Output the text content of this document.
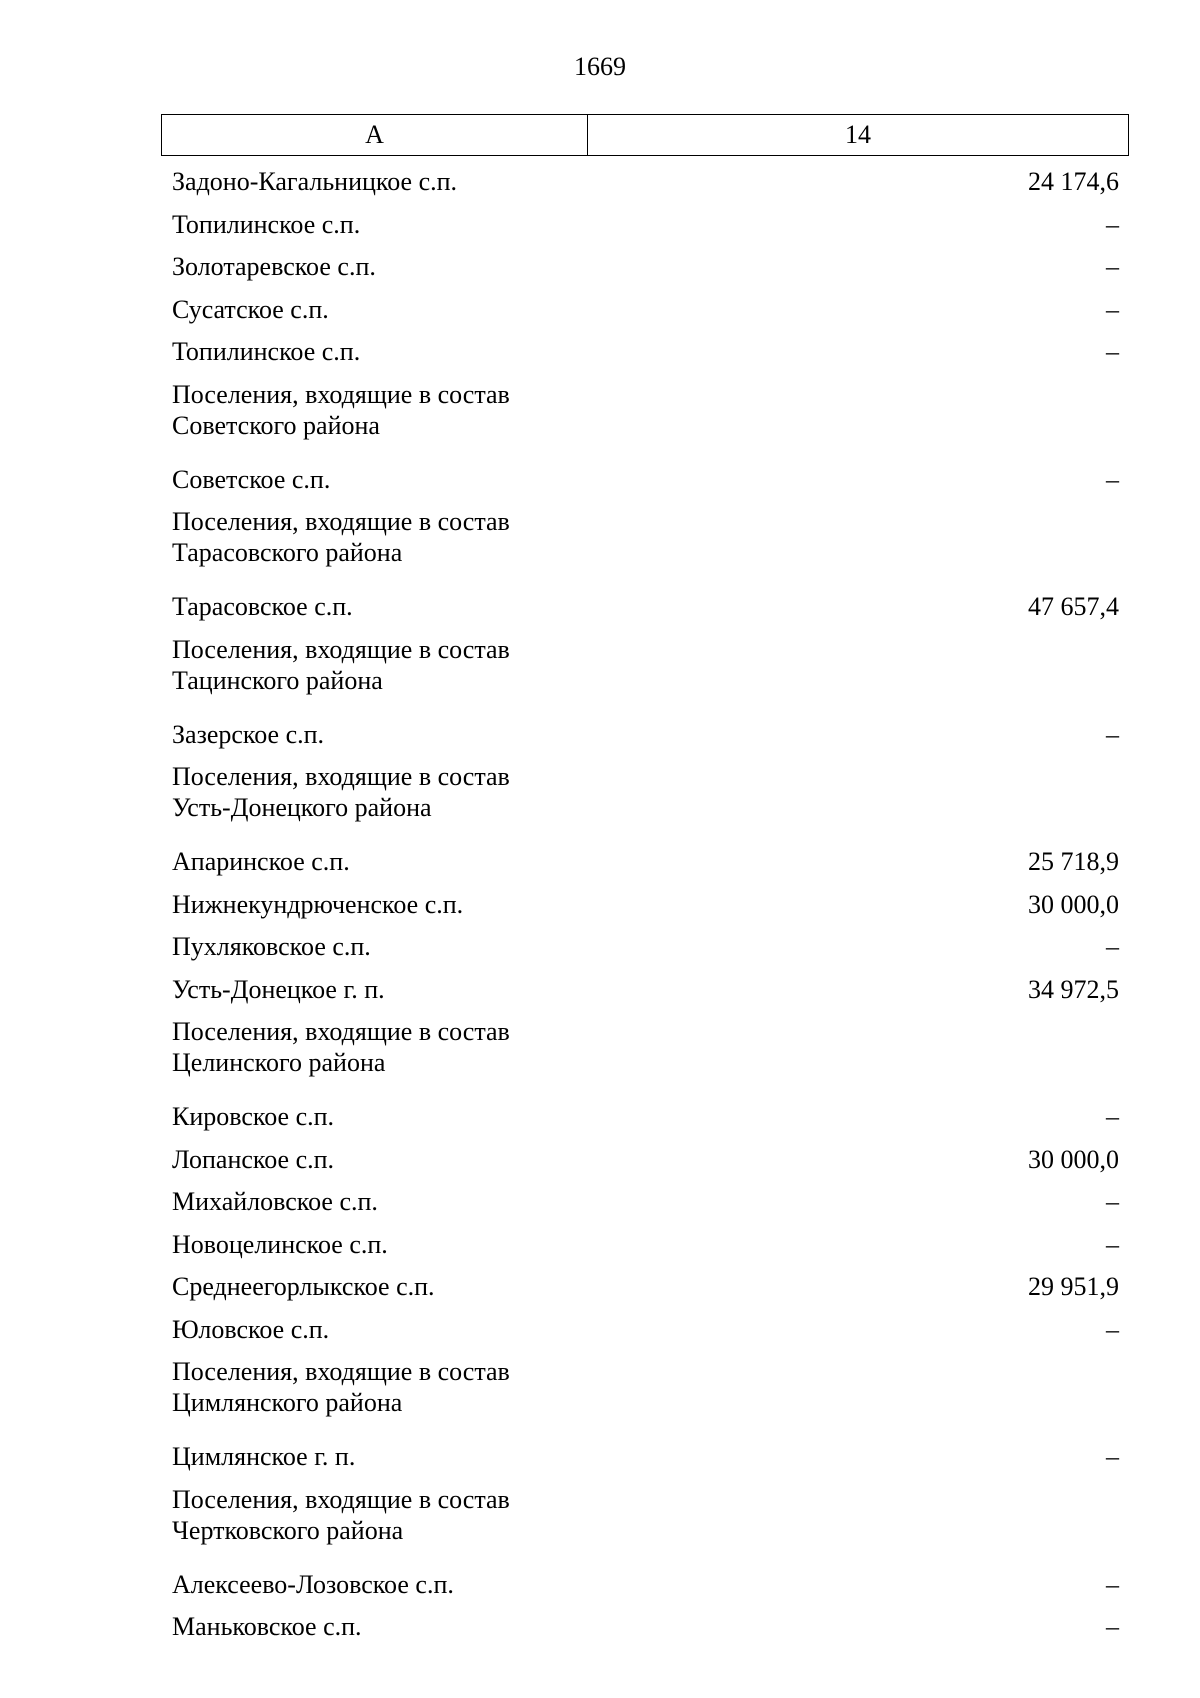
1669
А	14
Задоно-Кагальницкое с.п.	24 174,6
Топилинское с.п.	–
Золотаревское с.п.	–
Сусатское с.п.	–
Топилинское с.п.	–
Поселения, входящие в состав
Советского района
Советское с.п.	–
Поселения, входящие в состав
Тарасовского района
Тарасовское с.п.	47 657,4
Поселения, входящие в состав
Тацинского района
Зазерское с.п.	–
Поселения, входящие в состав
Усть-Донецкого района
Апаринское с.п.	25 718,9
Нижнекундрюченское с.п.	30 000,0
Пухляковское с.п.	–
Усть-Донецкое г. п.	34 972,5
Поселения, входящие в состав
Целинского района
Кировское с.п.	–
Лопанское с.п.	30 000,0
Михайловское с.п.	–
Новоцелинское с.п.	–
Среднеегорлыкское с.п.	29 951,9
Юловское с.п.	–
Поселения, входящие в состав
Цимлянского района
Цимлянское г. п.	–
Поселения, входящие в состав
Чертковского района
Алексеево-Лозовское с.п.	–
Маньковское с.п.	–
